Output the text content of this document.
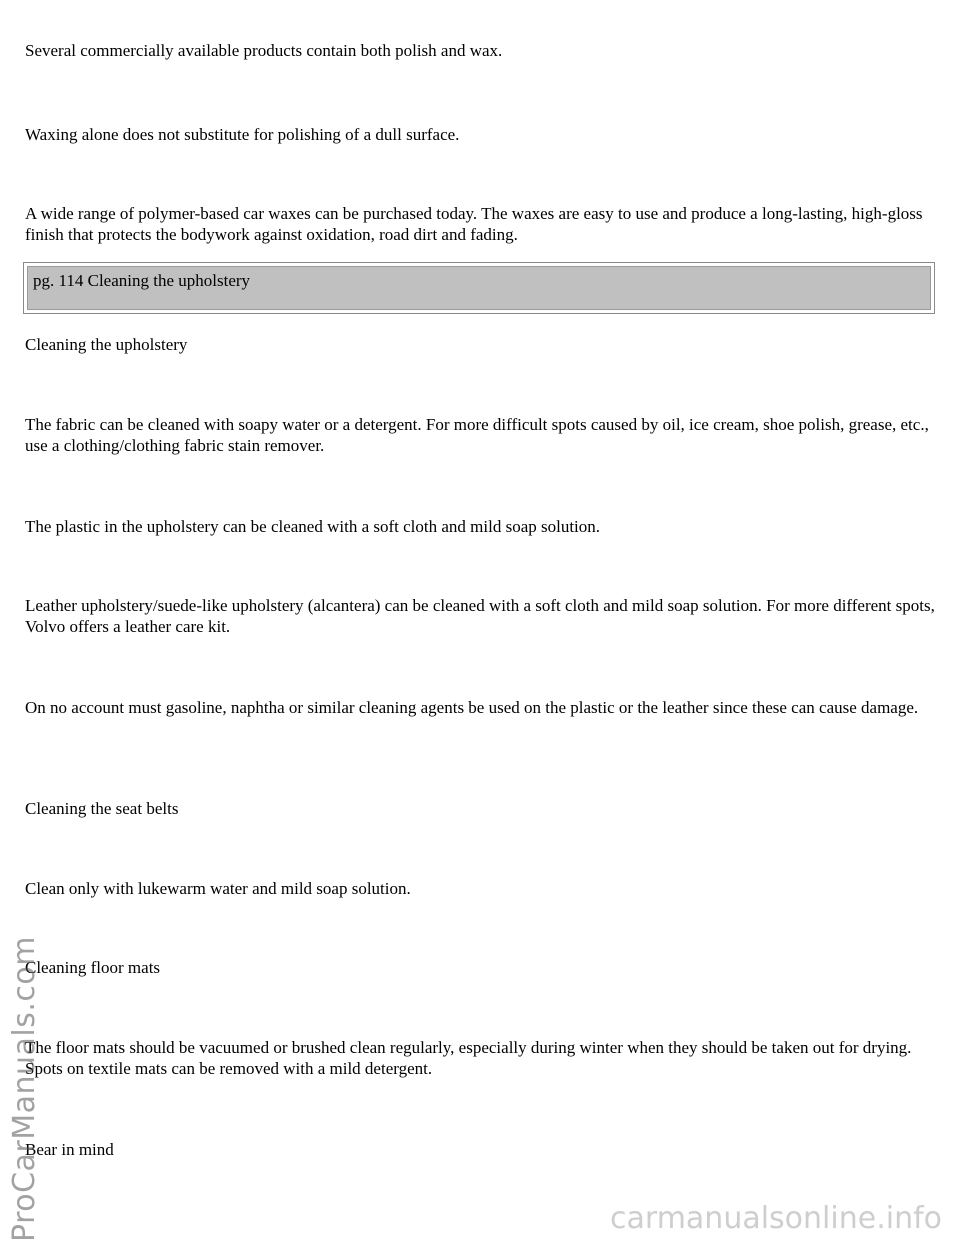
Several commercially available products contain both polish and wax.

Waxing alone does not substitute for polishing of a dull surface.

A wide range of polymer-based car waxes can be purchased today. The waxes are easy to use and produce a long-lasting, high-gloss finish that protects the bodywork against oxidation, road dirt and fading.

pg. 114 Cleaning the upholstery

Cleaning the upholstery

The fabric can be cleaned with soapy water or a detergent. For more difficult spots caused by oil, ice cream, shoe polish, grease, etc., use a clothing/clothing fabric stain remover.

The plastic in the upholstery can be cleaned with a soft cloth and mild soap solution.

Leather upholstery/suede-like upholstery (alcantera) can be cleaned with a soft cloth and mild soap solution. For more different spots, Volvo offers a leather care kit.

On no account must gasoline, naphtha or similar cleaning agents be used on the plastic or the leather since these can cause damage.

Cleaning the seat belts

Clean only with lukewarm water and mild soap solution.

Cleaning floor mats

The floor mats should be vacuumed or brushed clean regularly, especially during winter when they should be taken out for drying. Spots on textile mats can be removed with a mild detergent.

Bear in mind

ProCarManuals.com	carmanualsonline.info
